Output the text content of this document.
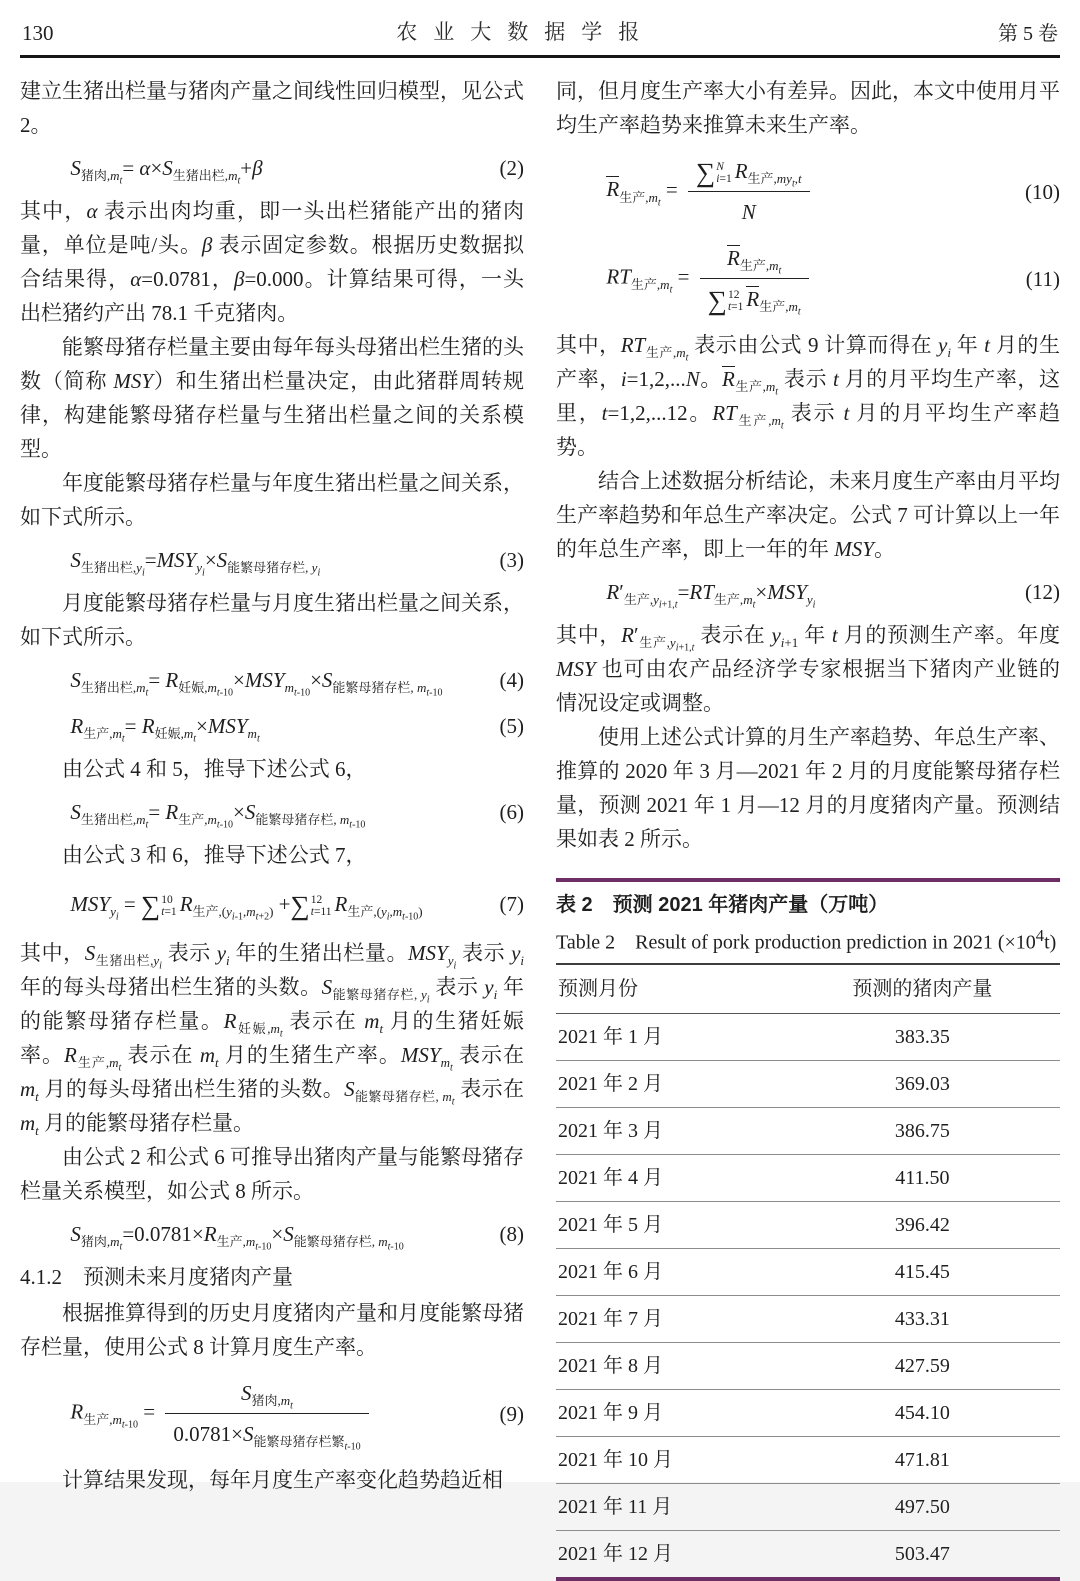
130	农业大数据学报	第 5 卷

建立生猪出栏量与猪肉产量之间线性回归模型，见公式 2。

$S_{猪肉,m_t}= \alpha\times S_{生猪出栏,m_t}+\beta$	(2)

其中，α 表示出肉均重，即一头出栏猪能产出的猪肉量，单位是吨/头。β 表示固定参数。根据历史数据拟合结果得，α=0.0781，β=0.000。计算结果可得，一头出栏猪约产出 78.1 千克猪肉。

能繁母猪存栏量主要由每年每头母猪出栏生猪的头数（简称 MSY）和生猪出栏量决定，由此猪群周转规律，构建能繁母猪存栏量与生猪出栏量之间的关系模型。

年度能繁母猪存栏量与年度生猪出栏量之间关系，如下式所示。

$S_{生猪出栏,y_i}=MSY_{y_i}\times S_{能繁母猪存栏, y_i}$
(3)

月度能繁母猪存栏量与月度生猪出栏量之间关系，如下式所示。

$S_{生猪出栏,m_t}= R_{妊娠,m_{t-10}}\times MSY_{m_{t-10}}\times S_{能繁母猪存栏, m_{t-10}}$
(4)
$R_{生产,m_t}= R_{妊娠,m_t}\times MSY_{m_t}$
(5)

由公式 4 和 5，推导下述公式 6，

$S_{生猪出栏,m_t}= R_{生产,m_{t-10}}\times S_{能繁母猪存栏, m_{t-10}}$
(6)

由公式 3 和 6，推导下述公式 7，

$MSY_{y_i}$ = ∑ 10
t=1 $R_{生产,(y_{i-1},m_{t+2})}$ +∑ 12
t=11 $R_{生产,(y_i,m_{t-10})}$	(7)

其中，$S_{生猪出栏,y_i}$ 表示 $y_i$ 年的生猪出栏量。$MSY_{y_i}$ 表示 $y_i$ 年的每头母猪出栏生猪的头数。$S_{能繁母猪存栏, y_i}$ 表示 $y_i$ 年的能繁母猪存栏量。$R_{妊娠,m_t}$ 表示在 $m_t$ 月的生猪妊娠率。$R_{生产,m_t}$ 表示在 $m_t$ 月的生猪生产率。$MSY_{m_t}$ 表示在 $m_t$ 月的每头母猪出栏生猪的头数。$S_{能繁母猪存栏, m_t}$ 表示在 $m_t$ 月的能繁母猪存栏量。

由公式 2 和公式 6 可推导出猪肉产量与能繁母猪存栏量关系模型，如公式 8 所示。

$S_{猪肉,m_t}=0.0781\times R_{生产,m_{t-10}}\times S_{能繁母猪存栏, m_{t-10}}$
(8)

4.1.2　预测未来月度猪肉产量

根据推算得到的历史月度猪肉产量和月度能繁母猪存栏量，使用公式 8 计算月度生产率。

$R_{生产,m_{t-10}}$ =
$S_{猪肉,m_t}$
$0.0781\times S_{能繁母猪存栏繁_{t-10}}$
(9)

计算结果发现，每年月度生产率变化趋势趋近相

同，但月度生产率大小有差异。因此，本文中使用月平均生产率趋势来推算未来生产率。

$R_{生产,m_t}$ =
∑ N
i=1 $R_{生产,my_t,t}$
N
(10)
$RT_{生产,m_t}$ =
$R_{生产,m_t}$
∑ 12
t=1 $R_{生产,m_t}$
(11)

其中，$RT_{生产,m_t}$ 表示由公式 9 计算而得在 $y_i$ 年 t 月的生产率，i=1,2,...N。$R_{生产,m_t}$ 表示 t 月的月平均生产率，这里，t=1,2,...12。$RT_{生产,m_t}$ 表示 t 月的月平均生产率趋势。

结合上述数据分析结论，未来月度生产率由月平均生产率趋势和年总生产率决定。公式 7 可计算以上一年的年总生产率，即上一年的年 MSY。

$R'_{生产,y_{i+1,t}}=RT_{生产,m_t}\times MSY_{y_i}$
(12)

其中，$R'_{生产,y_{i+1,t}}$ 表示在 $y_{i+1}$ 年 t 月的预测生产率。年度 MSY 也可由农产品经济学专家根据当下猪肉产业链的情况设定或调整。

使用上述公式计算的月生产率趋势、年总生产率、推算的 2020 年 3 月—2021 年 2 月的月度能繁母猪存栏量，预测 2021 年 1 月—12 月的月度猪肉产量。预测结果如表 2 所示。

表 2　预测 2021 年猪肉产量（万吨）
Table 2　Result of pork production prediction in 2021 $(\times 10^4t)$
预测月份	预测的猪肉产量
2021 年 1 月	383.35
2021 年 2 月	369.03
2021 年 3 月	386.75
2021 年 4 月	411.50
2021 年 5 月	396.42
2021 年 6 月	415.45
2021 年 7 月	433.31
2021 年 8 月	427.59
2021 年 9 月	454.10
2021 年 10 月	471.81
2021 年 11 月	497.50
2021 年 12 月	503.47
